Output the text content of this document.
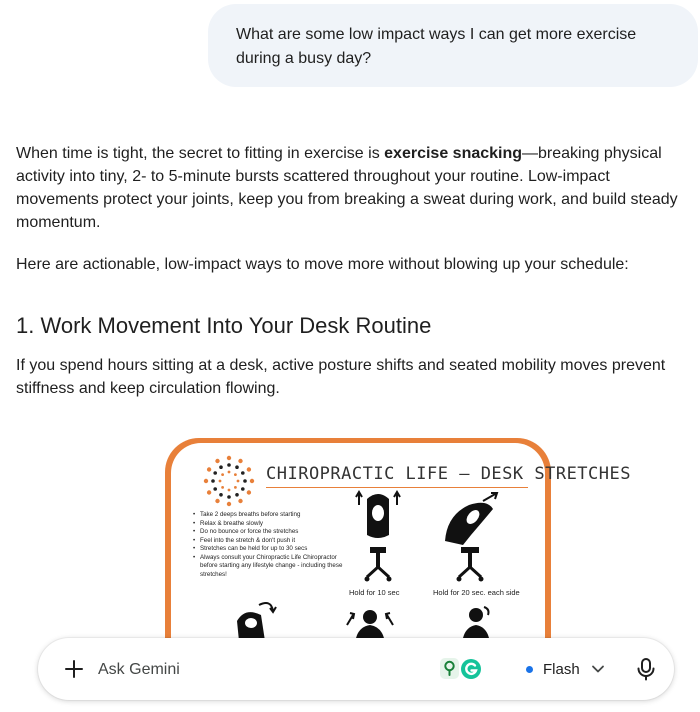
What are some low impact ways I can get more exercise
during a busy day?

When time is tight, the secret to fitting in exercise is exercise snacking—breaking physical activity into tiny, 2- to 5-minute bursts scattered throughout your routine. Low-impact movements protect your joints, keep you from breaking a sweat during work, and build steady momentum.

Here are actionable, low-impact ways to move more without blowing up your schedule:

1. Work Movement Into Your Desk Routine

If you spend hours sitting at a desk, active posture shifts and seated mobility moves prevent stiffness and keep circulation flowing.

CHIROPRACTIC LIFE – DESK STRETCHES
• Take 2 deeps breaths before starting
• Relax & breathe slowly
• Do no bounce or force the stretches
• Feel into the stretch & don't push it
• Stretches can be held for up to 30 secs
• Always consult your Chiropractic Life Chiropractor before starting any lifestyle change - including these stretches!
Hold for 10 sec	Hold for 20 sec. each side
Ask Gemini
Flash
